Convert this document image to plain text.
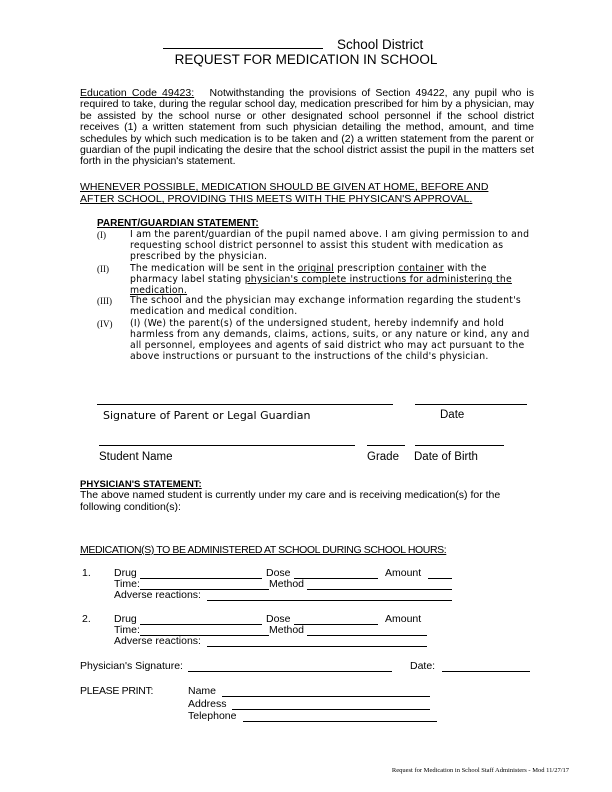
School District
REQUEST FOR MEDICATION IN SCHOOL
Education Code 49423: Notwithstanding the provisions of Section 49422, any pupil who is required to take, during the regular school day, medication prescribed for him by a physician, may be assisted by the school nurse or other designated school personnel if the school district receives (1) a written statement from such physician detailing the method, amount, and time schedules by which such medication is to be taken and (2) a written statement from the parent or guardian of the pupil indicating the desire that the school district assist the pupil in the matters set forth in the physician's statement.
WHENEVER POSSIBLE, MEDICATION SHOULD BE GIVEN AT HOME, BEFORE AND
AFTER SCHOOL, PROVIDING THIS MEETS WITH THE PHYSICAN'S APPROVAL.
PARENT/GUARDIAN STATEMENT:
(I)	I am the parent/guardian of the pupil named above. I am giving permission to and requesting school district personnel to assist this student with medication as prescribed by the physician.
(II) The medication will be sent in the original prescription container with the pharmacy label stating physician's complete instructions for administering the medication.
(III) The school and the physician may exchange information regarding the student's medication and medical condition.
(IV) (I) (We) the parent(s) of the undersigned student, hereby indemnify and hold harmless from any demands, claims, actions, suits, or any nature or kind, any and all personnel, employees and agents of said district who may act pursuant to the above instructions or pursuant to the instructions of the child's physician.
Signature of Parent or Legal Guardian	Date
Student Name	Grade Date of Birth
PHYSICIAN'S STATEMENT:
The above named student is currently under my care and is receiving medication(s) for the following condition(s):
MEDICATION(S) TO BE ADMINISTERED AT SCHOOL DURING SCHOOL HOURS:
1. Drug	Dose	Amount
Time:	Method
Adverse reactions:
2. Drug	Dose	Amount
Time:	Method
Adverse reactions:
Physician's Signature:	Date:
PLEASE PRINT:	Name
Address
Telephone
Request for Medication in School Staff Administers - Mod 11/27/17
